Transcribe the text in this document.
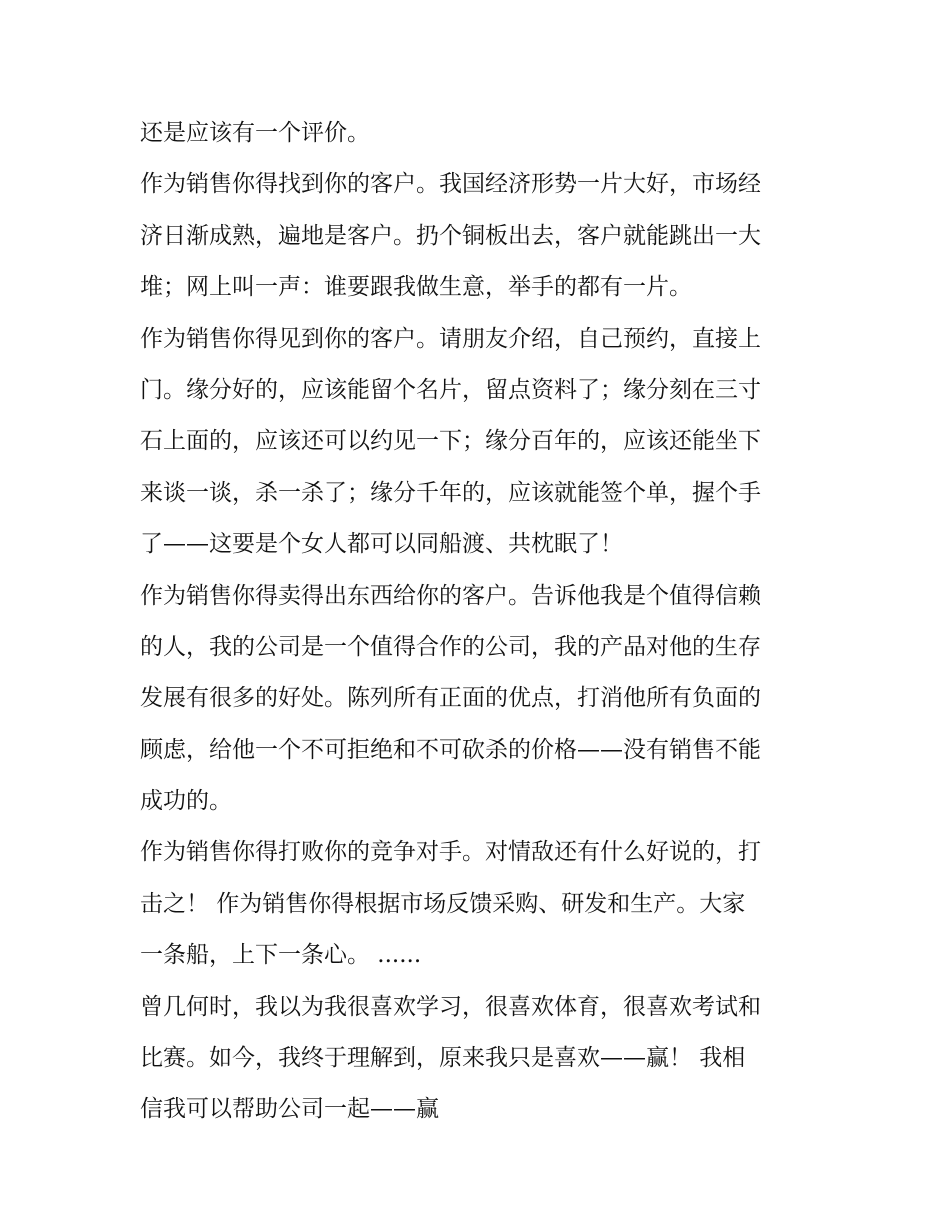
还是应该有一个评价。
作为销售你得找到你的客户。我国经济形势一片大好，市场经
济日渐成熟，遍地是客户。扔个铜板出去，客户就能跳出一大
堆；网上叫一声：谁要跟我做生意，举手的都有一片。
作为销售你得见到你的客户。请朋友介绍，自己预约，直接上
门。缘分好的，应该能留个名片，留点资料了；缘分刻在三寸
石上面的，应该还可以约见一下；缘分百年的，应该还能坐下
来谈一谈，杀一杀了；缘分千年的，应该就能签个单，握个手
了——这要是个女人都可以同船渡、共枕眠了！
作为销售你得卖得出东西给你的客户。告诉他我是个值得信赖
的人，我的公司是一个值得合作的公司，我的产品对他的生存
发展有很多的好处。陈列所有正面的优点，打消他所有负面的
顾虑，给他一个不可拒绝和不可砍杀的价格——没有销售不能
成功的。
作为销售你得打败你的竞争对手。对情敌还有什么好说的，打
击之！ 作为销售你得根据市场反馈采购、研发和生产。大家
一条船，上下一条心。 ......
曾几何时，我以为我很喜欢学习，很喜欢体育，很喜欢考试和
比赛。如今，我终于理解到，原来我只是喜欢——赢！ 我相
信我可以帮助公司一起——赢
